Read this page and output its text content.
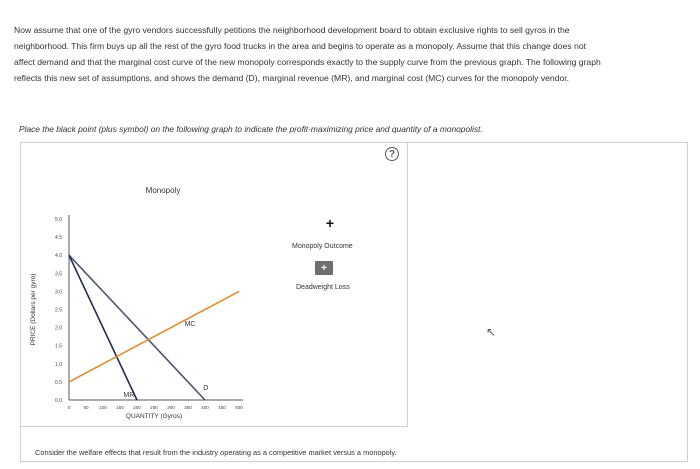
Now assume that one of the gyro vendors successfully petitions the neighborhood development board to obtain exclusive rights to sell gyros in the neighborhood. This firm buys up all the rest of the gyro food trucks in the area and begins to operate as a monopoly. Assume that this change does not affect demand and that the marginal cost curve of the new monopoly corresponds exactly to the supply curve from the previous graph. The following graph reflects this new set of assumptions, and shows the demand (D), marginal revenue (MR), and marginal cost (MC) curves for the monopoly vendor.
Place the black point (plus symbol) on the following graph to indicate the profit-maximizing price and quantity of a monopolist.
?
Monopoly
0.0
0.5
1.0
1.5
2.0
2.5
3.0
3.5
4.0
4.5
5.0
0	50 100 150 200 250 300 350 400 450 500
MC
MR
D
QUANTITY (Gyros)
PRICE (Dollars per gyro)
+
Monopoly Outcome
+
Deadweight Loss
↖
Consider the welfare effects that result from the industry operating as a competitive market versus a monopoly.
